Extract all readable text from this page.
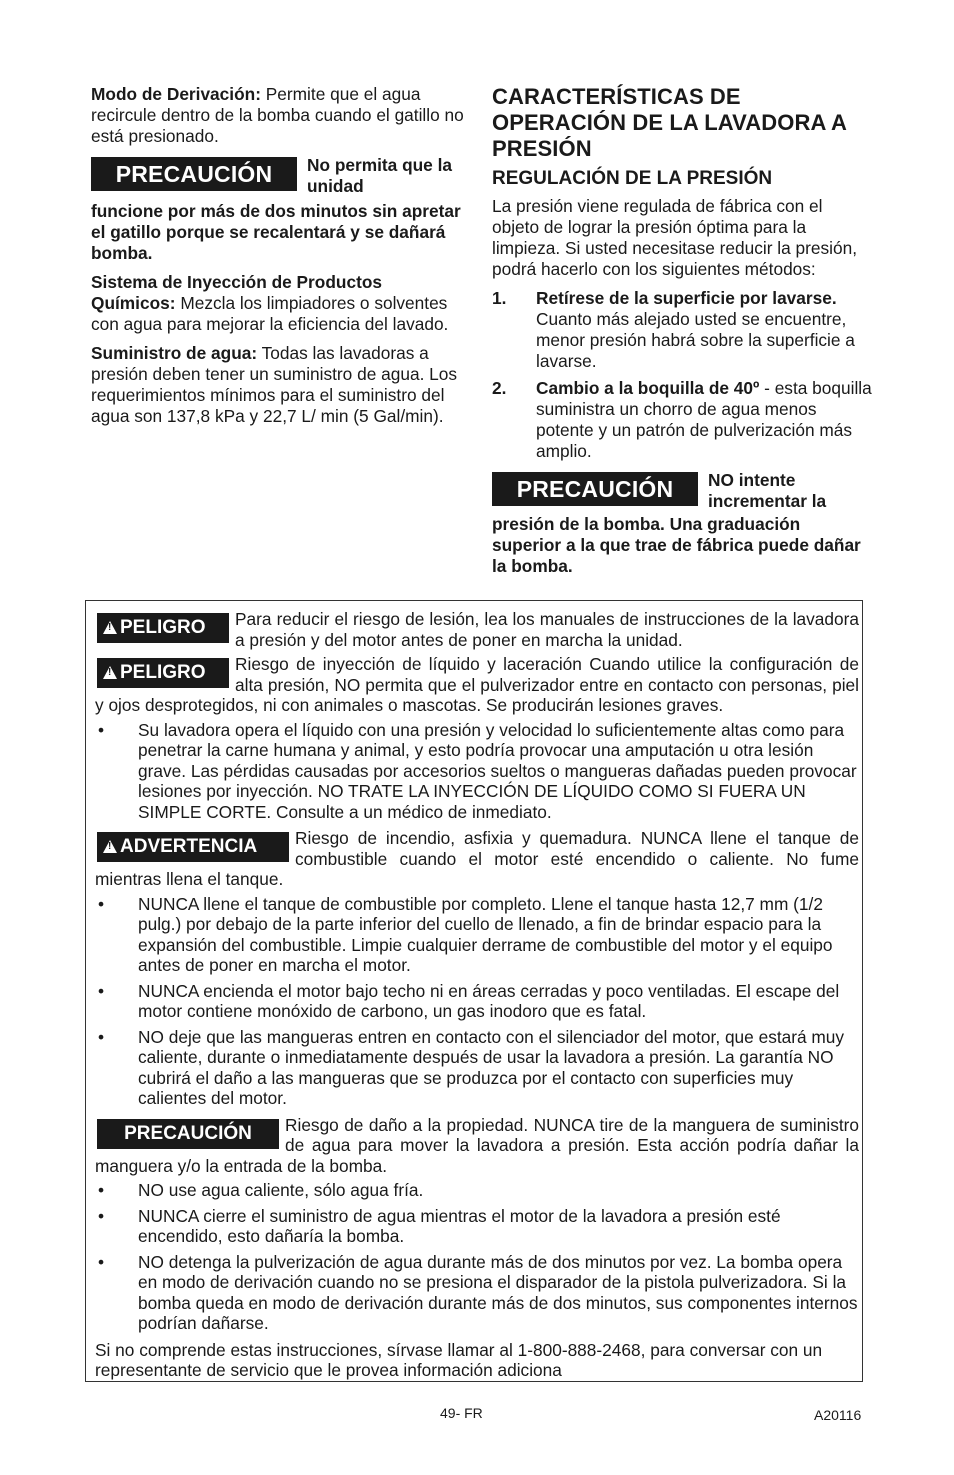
Modo de Derivación: Permite que el agua recircule dentro de la bomba cuando el gatillo no está presionado.

PRECAUCIÓN	No permita que la unidad

funcione por más de dos minutos sin apretar el gatillo porque se recalentará y se dañará bomba.

Sistema de Inyección de Productos Químicos: Mezcla los limpiadores o solventes con agua para mejorar la eficiencia del lavado.

Suministro de agua: Todas las lavadoras a presión deben tener un suministro de agua. Los requerimientos mínimos para el suministro del agua son 137,8 kPa y 22,7 L/ min (5 Gal/min).

CARACTERÍSTICAS DE OPERACIÓN DE LA LAVADORA A PRESIÓN
REGULACIÓN DE LA PRESIÓN

La presión viene regulada de fábrica con el objeto de lograr la presión óptima para la limpieza. Si usted necesitase reducir la presión, podrá hacerlo con los siguientes métodos:

1. Retírese de la superficie por lavarse. Cuanto más alejado usted se encuentre, menor presión habrá sobre la superficie a lavarse.
2. Cambio a la boquilla de 40º - esta boquilla suministra un chorro de agua menos potente y un patrón de pulverización más amplio.
PRECAUCIÓN	NO intente incrementar la

presión de la bomba. Una graduación superior a la que trae de fábrica puede dañar la bomba.

!PELIGRO	Para reducir el riesgo de lesión, lea los manuales de instrucciones de la lavadora a presión y del motor antes de poner en marcha la unidad.
!PELIGRO	Riesgo de inyección de líquido y laceración Cuando utilice la configuración de alta presión, NO permita que el pulverizador entre en contacto con personas, piel y ojos desprotegidos, ni con animales o mascotas. Se producirán lesiones graves.
• Su lavadora opera el líquido con una presión y velocidad lo suficientemente altas como para penetrar la carne humana y animal, y esto podría provocar una amputación u otra lesión grave. Las pérdidas causadas por accesorios sueltos o mangueras dañadas pueden provocar lesiones por inyección. NO TRATE LA INYECCIÓN DE LÍQUIDO COMO SI FUERA UN SIMPLE CORTE. Consulte a un médico de inmediato.
!ADVERTENCIA	Riesgo de incendio, asfixia y quemadura. NUNCA llene el tanque de combustible cuando el motor esté encendido o caliente. No fume mientras llena el tanque.
• NUNCA llene el tanque de combustible por completo. Llene el tanque hasta 12,7 mm (1/2 pulg.) por debajo de la parte inferior del cuello de llenado, a fin de brindar espacio para la expansión del combustible. Limpie cualquier derrame de combustible del motor y el equipo antes de poner en marcha el motor.
• NUNCA encienda el motor bajo techo ni en áreas cerradas y poco ventiladas. El escape del motor contiene monóxido de carbono, un gas inodoro que es fatal.
• NO deje que las mangueras entren en contacto con el silenciador del motor, que estará muy caliente, durante o inmediatamente después de usar la lavadora a presión. La garantía NO cubrirá el daño a las mangueras que se produzca por el contacto con superficies muy calientes del motor.
PRECAUCIÓN	Riesgo de daño a la propiedad. NUNCA tire de la manguera de suministro de agua para mover la lavadora a presión. Esta acción podría dañar la manguera y/o la entrada de la bomba.
• NO use agua caliente, sólo agua fría.
• NUNCA cierre el suministro de agua mientras el motor de la lavadora a presión esté encendido, esto dañaría la bomba.
• NO detenga la pulverización de agua durante más de dos minutos por vez. La bomba opera en modo de derivación cuando no se presiona el disparador de la pistola pulverizadora. Si la bomba queda en modo de derivación durante más de dos minutos, sus componentes internos podrían dañarse.

Si no comprende estas instrucciones, sírvase llamar al 1-800-888-2468, para conversar con un representante de servicio que le provea información adiciona

49- FR	A20116
